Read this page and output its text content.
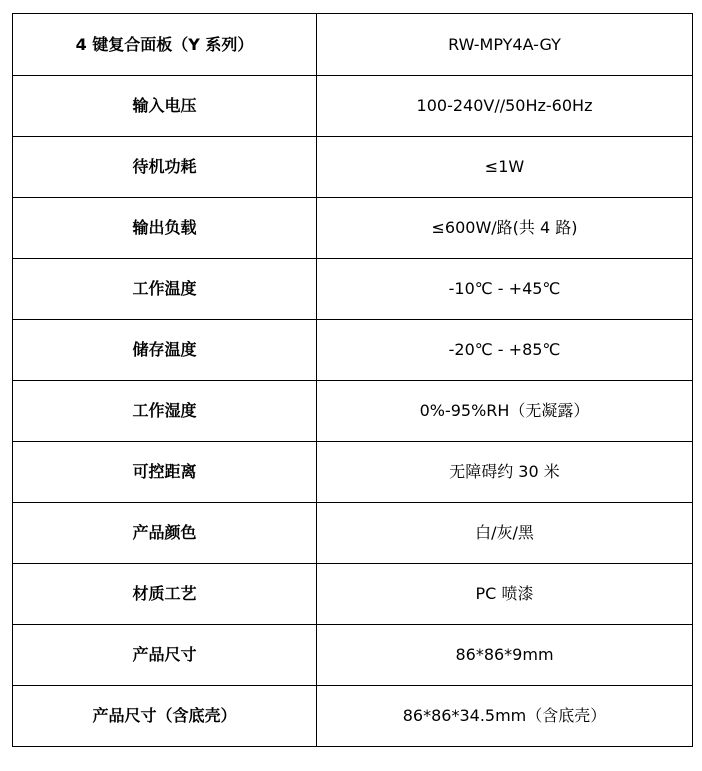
4 键复合面板（Y 系列）	RW-MPY4A-GY
输入电压	100-240V//50Hz-60Hz
待机功耗	≤1W
输出负载	≤600W/路(共 4 路)
工作温度	-10℃ - +45℃
储存温度	-20℃ - +85℃
工作湿度	0%-95%RH（无凝露）
可控距离	无障碍约 30 米
产品颜色	白/灰/黑
材质工艺	PC 喷漆
产品尺寸	86*86*9mm
产品尺寸（含底壳）	86*86*34.5mm（含底壳）
